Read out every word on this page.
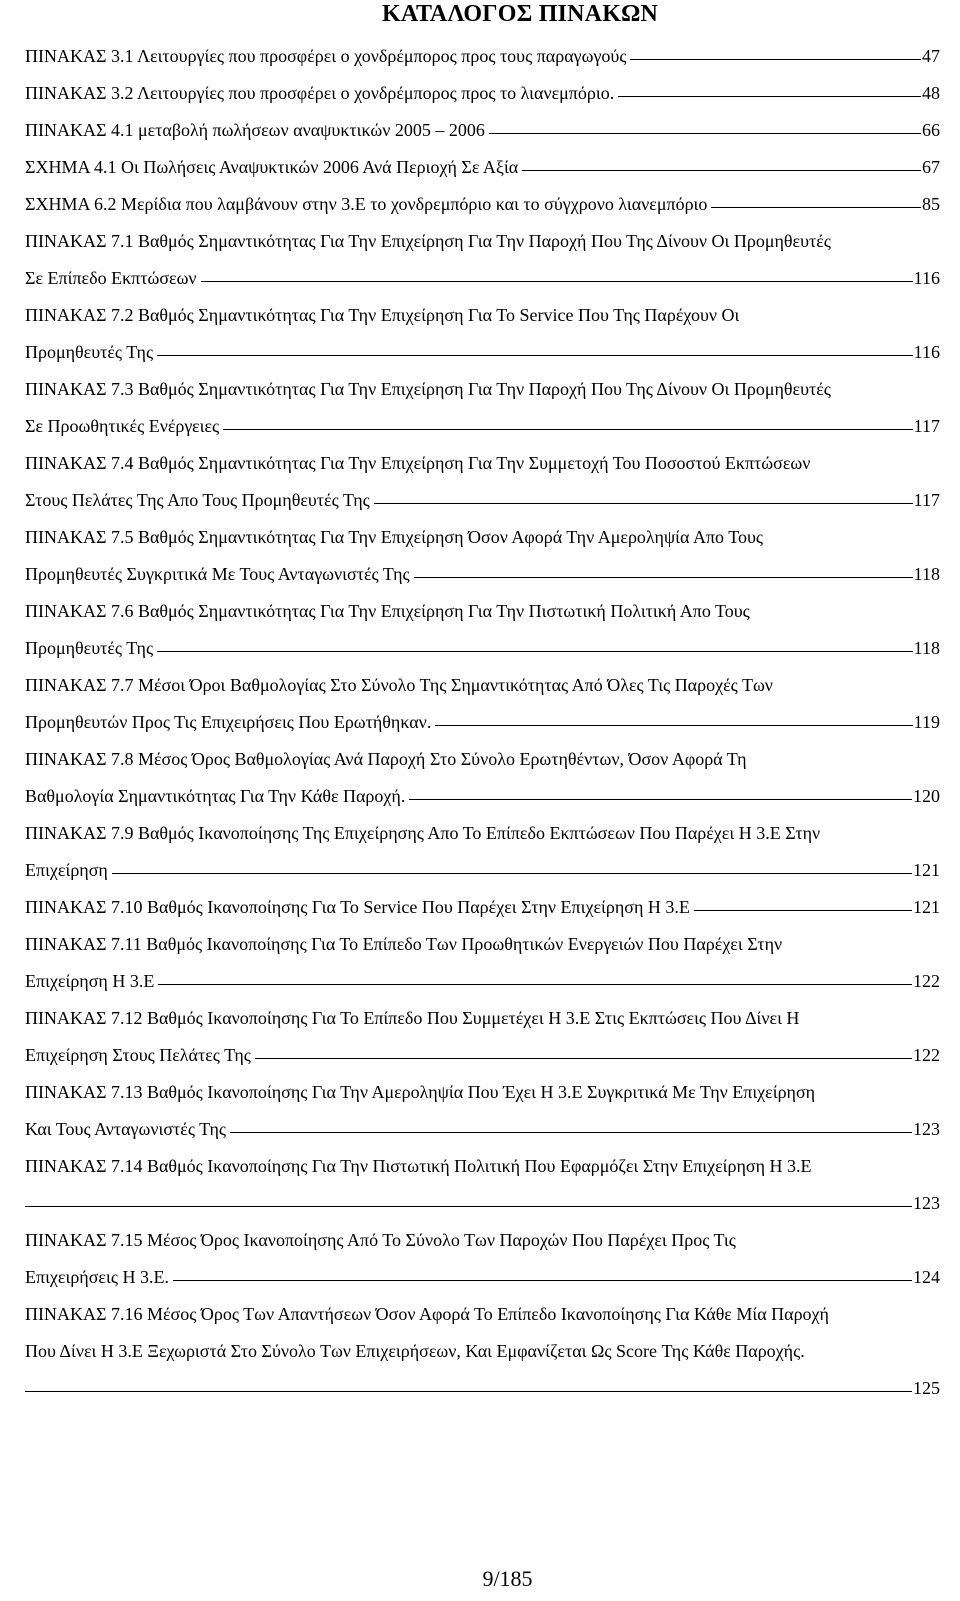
ΚΑΤΑΛΟΓΟΣ ΠΙΝΑΚΩΝ
ΠΙΝΑΚΑΣ 3.1 Λειτουργίες που προσφέρει ο χονδρέμπορος προς τους παραγωγούς	47
ΠΙΝΑΚΑΣ 3.2 Λειτουργίες που προσφέρει ο χονδρέμπορος προς το λιανεμπόριο.	48
ΠΙΝΑΚΑΣ 4.1 μεταβολή πωλήσεων αναψυκτικών 2005 – 2006	66
ΣΧΗΜΑ 4.1 Οι Πωλήσεις Αναψυκτικών 2006 Ανά Περιοχή Σε Αξία	67
ΣΧΗΜΑ 6.2 Μερίδια που λαμβάνουν στην 3.Ε το χονδρεμπόριο και το σύγχρονο λιανεμπόριο	85
ΠΙΝΑΚΑΣ 7.1 Βαθμός Σημαντικότητας Για Την Επιχείρηση Για Την Παροχή Που Της Δίνουν Οι Προμηθευτές
Σε Επίπεδο Εκπτώσεων	116
ΠΙΝΑΚΑΣ 7.2 Βαθμός Σημαντικότητας Για Την Επιχείρηση Για Το Service Που Της Παρέχουν Οι
Προμηθευτές Της	116
ΠΙΝΑΚΑΣ 7.3 Βαθμός Σημαντικότητας Για Την Επιχείρηση Για Την Παροχή Που Της Δίνουν Οι Προμηθευτές
Σε Προωθητικές Ενέργειες	117
ΠΙΝΑΚΑΣ 7.4 Βαθμός Σημαντικότητας Για Την Επιχείρηση Για Την Συμμετοχή Του Ποσοστού Εκπτώσεων
Στους Πελάτες Της Απο Τους Προμηθευτές Της	117
ΠΙΝΑΚΑΣ 7.5 Βαθμός Σημαντικότητας Για Την Επιχείρηση Όσον Αφορά Την Αμεροληψία Απο Τους
Προμηθευτές Συγκριτικά Με Τους Ανταγωνιστές Της	118
ΠΙΝΑΚΑΣ 7.6 Βαθμός Σημαντικότητας Για Την Επιχείρηση Για Την Πιστωτική Πολιτική Απο Τους
Προμηθευτές Της	118
ΠΙΝΑΚΑΣ 7.7 Μέσοι Όροι Βαθμολογίας Στο Σύνολο Της Σημαντικότητας Από Όλες Τις Παροχές Των
Προμηθευτών Προς Τις Επιχειρήσεις Που Ερωτήθηκαν.	119
ΠΙΝΑΚΑΣ 7.8 Μέσος Όρος Βαθμολογίας Ανά Παροχή Στο Σύνολο Ερωτηθέντων, Όσον Αφορά Τη
Βαθμολογία Σημαντικότητας Για Την Κάθε Παροχή.	120
ΠΙΝΑΚΑΣ 7.9 Βαθμός Ικανοποίησης Της Επιχείρησης Απο Το Επίπεδο Εκπτώσεων Που Παρέχει Η 3.Ε Στην
Επιχείρηση	121
ΠΙΝΑΚΑΣ 7.10 Βαθμός Ικανοποίησης Για Το Service Που Παρέχει Στην Επιχείρηση Η 3.Ε	121
ΠΙΝΑΚΑΣ 7.11 Βαθμός Ικανοποίησης Για Το Επίπεδο Των Προωθητικών Ενεργειών Που Παρέχει Στην
Επιχείρηση Η 3.Ε	122
ΠΙΝΑΚΑΣ 7.12 Βαθμός Ικανοποίησης Για Το Επίπεδο Που Συμμετέχει Η 3.Ε Στις Εκπτώσεις Που Δίνει Η
Επιχείρηση Στους Πελάτες Της	122
ΠΙΝΑΚΑΣ 7.13 Βαθμός Ικανοποίησης Για Την Αμεροληψία Που Έχει Η 3.Ε Συγκριτικά Με Την Επιχείρηση
Και Τους Ανταγωνιστές Της	123
ΠΙΝΑΚΑΣ 7.14 Βαθμός Ικανοποίησης Για Την Πιστωτική Πολιτική Που Εφαρμόζει Στην Επιχείρηση Η 3.Ε
123
ΠΙΝΑΚΑΣ 7.15 Μέσος Όρος Ικανοποίησης Από Το Σύνολο Των Παροχών Που Παρέχει Προς Τις
Επιχειρήσεις Η 3.Ε.	124
ΠΙΝΑΚΑΣ 7.16 Μέσος Όρος Των Απαντήσεων Όσον Αφορά Το Επίπεδο Ικανοποίησης Για Κάθε Μία Παροχή
Που Δίνει Η 3.Ε Ξεχωριστά Στο Σύνολο Των Επιχειρήσεων, Και Εμφανίζεται Ως Score Της Κάθε Παροχής.
125
9/185
